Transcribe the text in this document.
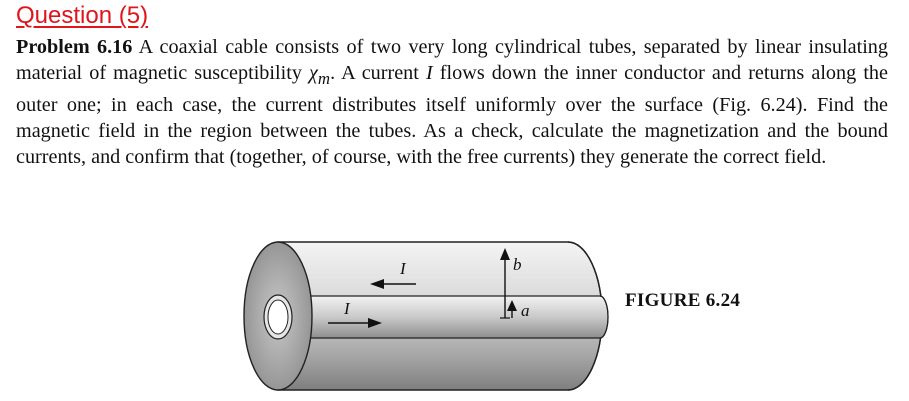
Question (5)
Problem 6.16 A coaxial cable consists of two very long cylindrical tubes, separated by linear insulating material of magnetic susceptibility $\chi_m$. A current I flows down the inner conductor and returns along the outer one; in each case, the current distributes itself uniformly over the surface (Fig. 6.24). Find the magnetic field in the region between the tubes. As a check, calculate the magnetization and the bound currents, and confirm that (together, of course, with the free currents) they generate the correct field.
I
I
b
a	FIGURE 6.24
